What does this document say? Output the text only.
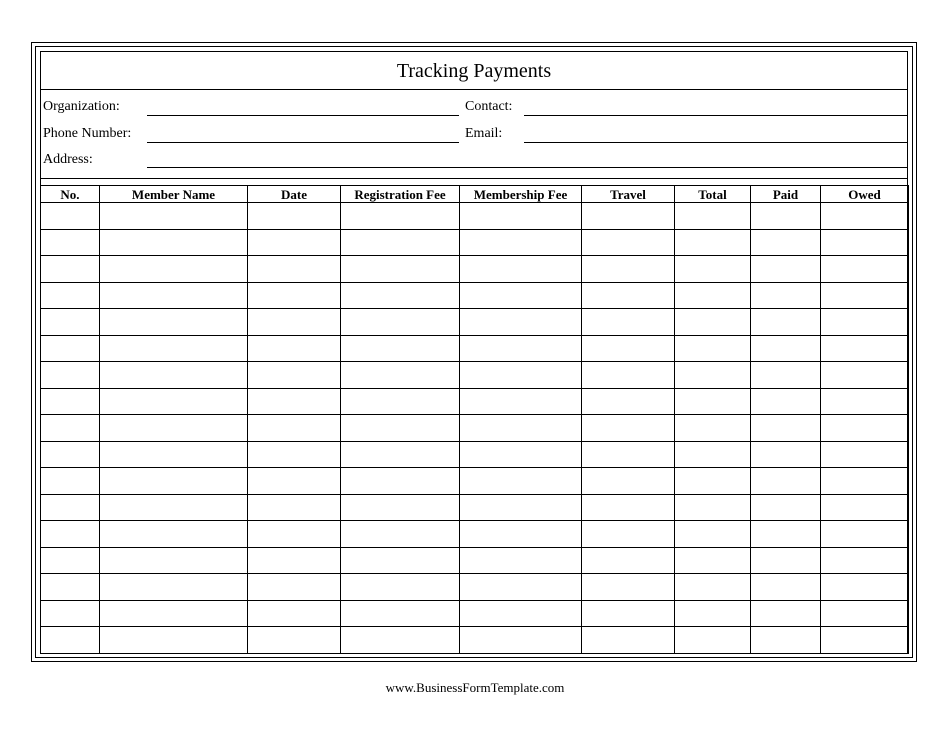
Tracking Payments
Organization:	Contact:
Phone Number:	Email:
Address:
No.	Member Name	Date	Registration Fee	Membership Fee	Travel	Total	Paid	Owed

www.BusinessFormTemplate.com
